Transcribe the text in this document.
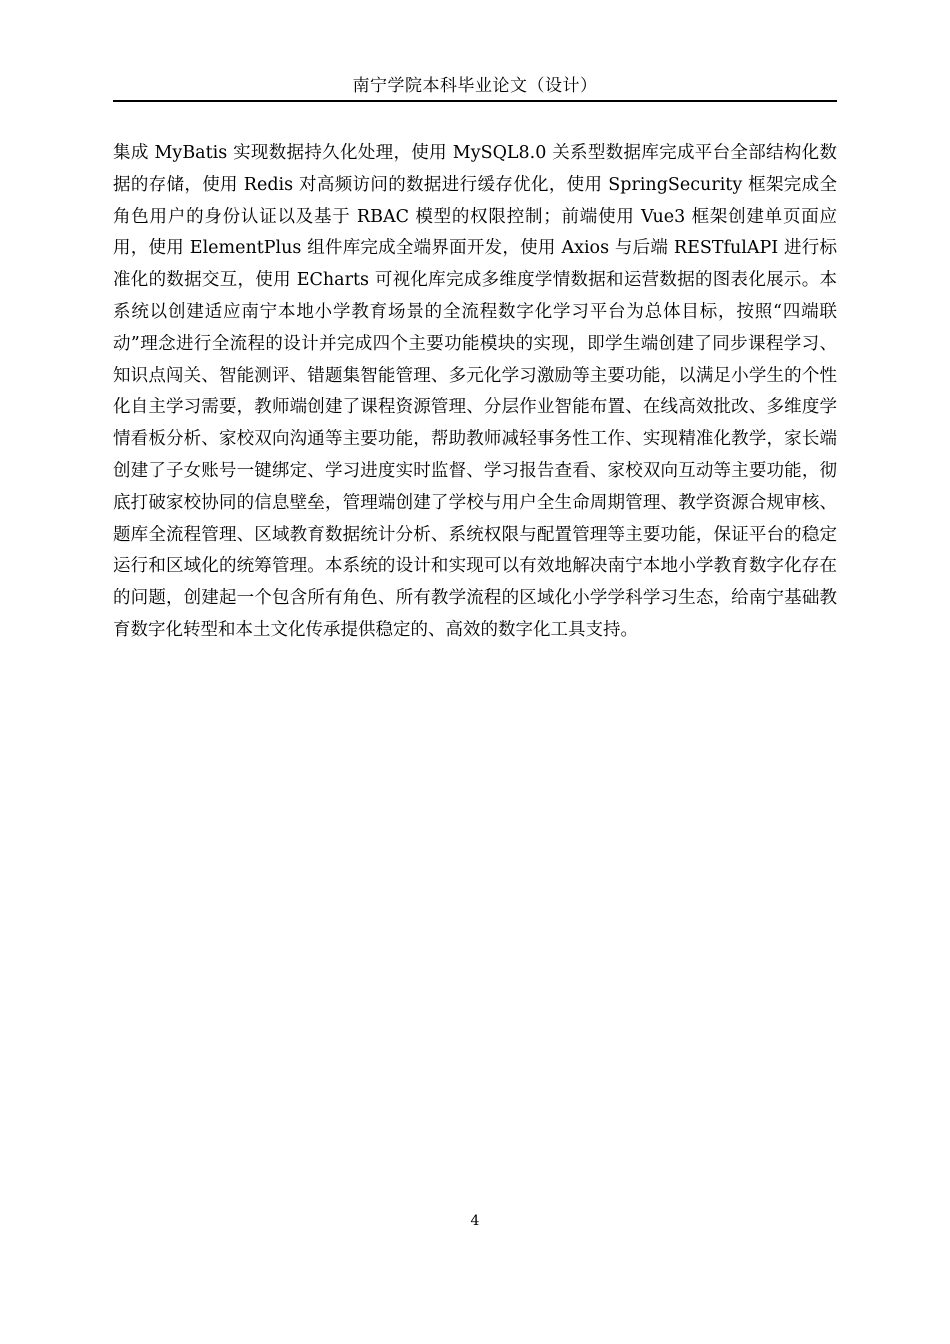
南宁学院本科毕业论文（设计）

集成 MyBatis 实现数据持久化处理，使用 MySQL8.0 关系型数据库完成平台全部结构化数据的存储，使用 Redis 对高频访问的数据进行缓存优化，使用 SpringSecurity 框架完成全角色用户的身份认证以及基于 RBAC 模型的权限控制；前端使用 Vue3 框架创建单页面应用，使用 ElementPlus 组件库完成全端界面开发，使用 Axios 与后端 RESTfulAPI 进行标准化的数据交互，使用 ECharts 可视化库完成多维度学情数据和运营数据的图表化展示。本系统以创建适应南宁本地小学教育场景的全流程数字化学习平台为总体目标，按照“四端联动”理念进行全流程的设计并完成四个主要功能模块的实现，即学生端创建了同步课程学习、知识点闯关、智能测评、错题集智能管理、多元化学习激励等主要功能，以满足小学生的个性化自主学习需要，教师端创建了课程资源管理、分层作业智能布置、在线高效批改、多维度学情看板分析、家校双向沟通等主要功能，帮助教师减轻事务性工作、实现精准化教学，家长端创建了子女账号一键绑定、学习进度实时监督、学习报告查看、家校双向互动等主要功能，彻底打破家校协同的信息壁垒，管理端创建了学校与用户全生命周期管理、教学资源合规审核、题库全流程管理、区域教育数据统计分析、系统权限与配置管理等主要功能，保证平台的稳定运行和区域化的统筹管理。本系统的设计和实现可以有效地解决南宁本地小学教育数字化存在的问题，创建起一个包含所有角色、所有教学流程的区域化小学学科学习生态，给南宁基础教育数字化转型和本土文化传承提供稳定的、高效的数字化工具支持。

4
